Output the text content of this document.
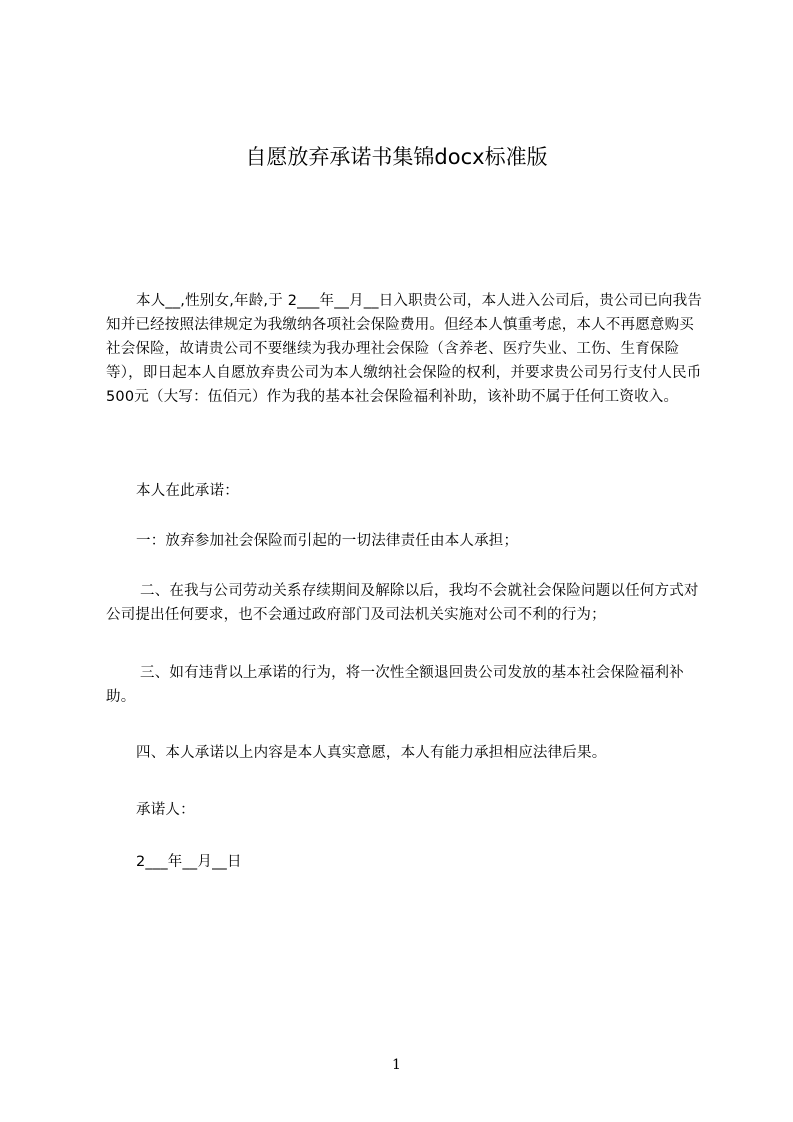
自愿放弃承诺书集锦docx标准版
本人__,性别女,年龄,于 2___年__月__日入职贵公司，本人进入公司后，贵公司已向我告知并已经按照法律规定为我缴纳各项社会保险费用。但经本人慎重考虑，本人不再愿意购买社会保险，故请贵公司不要继续为我办理社会保险（含养老、医疗失业、工伤、生育保险等），即日起本人自愿放弃贵公司为本人缴纳社会保险的权利，并要求贵公司另行支付人民币500元（大写：伍佰元）作为我的基本社会保险福利补助，该补助不属于任何工资收入。
本人在此承诺：
一：放弃参加社会保险而引起的一切法律责任由本人承担；
二、在我与公司劳动关系存续期间及解除以后，我均不会就社会保险问题以任何方式对公司提出任何要求，也不会通过政府部门及司法机关实施对公司不利的行为；
三、如有违背以上承诺的行为，将一次性全额退回贵公司发放的基本社会保险福利补助。
四、本人承诺以上内容是本人真实意愿，本人有能力承担相应法律后果。
承诺人：
2___年__月__日
1
